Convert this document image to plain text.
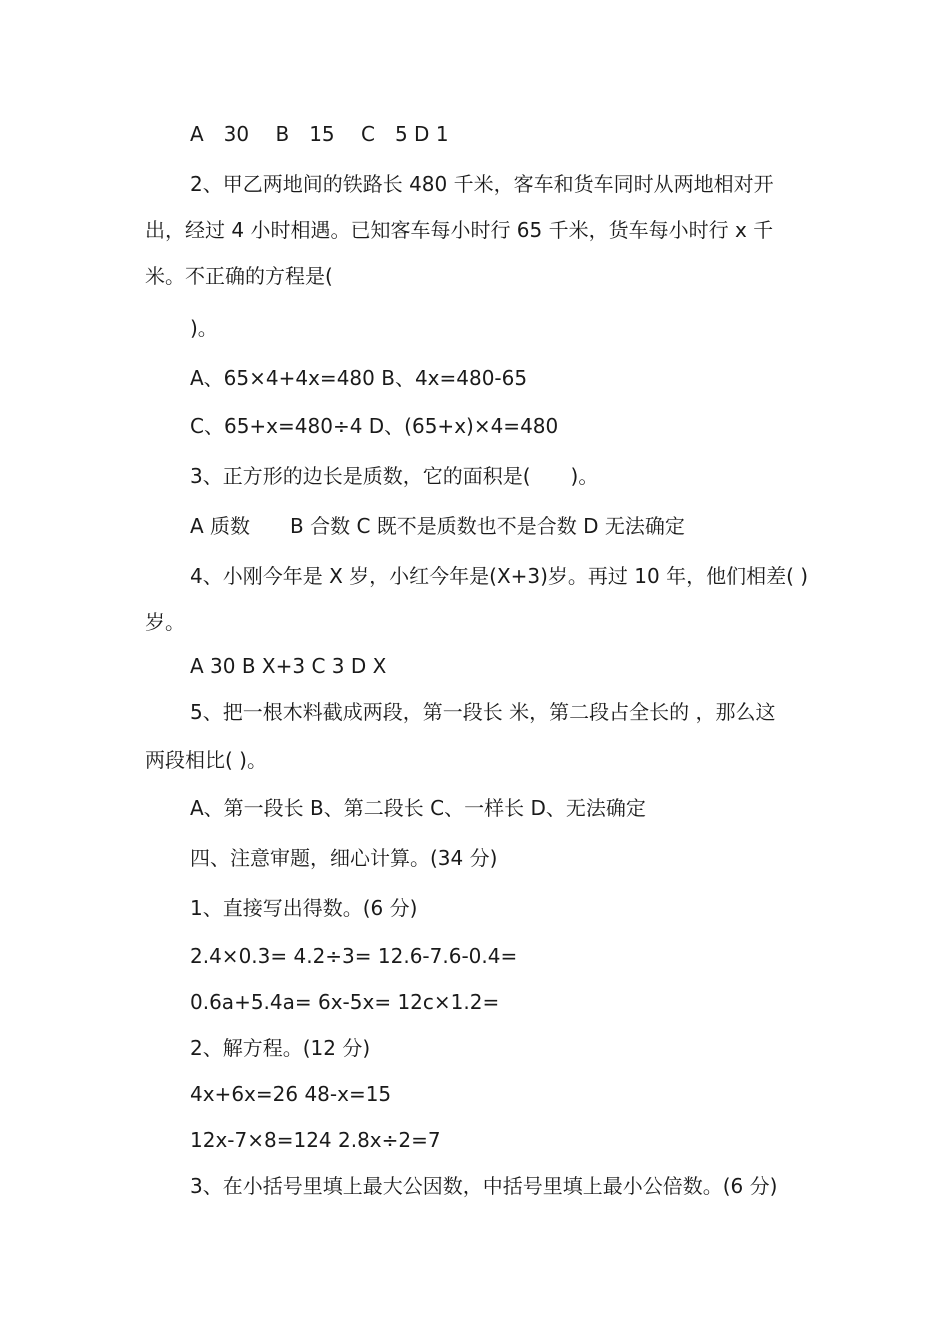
A　30　 B　15　 C　5 D 1
2、甲乙两地间的铁路长 480 千米，客车和货车同时从两地相对开
出，经过 4 小时相遇。已知客车每小时行 65 千米，货车每小时行 x 千
米。不正确的方程是(
)。
A、65×4+4x=480 B、4x=480-65
C、65+x=480÷4 D、(65+x)×4=480
3、正方形的边长是质数，它的面积是(　　)。
A 质数　　B 合数 C 既不是质数也不是合数 D 无法确定
4、小刚今年是 X 岁，小红今年是(X+3)岁。再过 10 年，他们相差( )
岁。
A 30 B X+3 C 3 D X
5、把一根木料截成两段，第一段长 米，第二段占全长的 ，那么这
两段相比( )。
A、第一段长 B、第二段长 C、一样长 D、无法确定
四、注意审题，细心计算。(34 分)
1、直接写出得数。(6 分)
2.4×0.3= 4.2÷3= 12.6-7.6-0.4=
0.6a+5.4a= 6x-5x= 12c×1.2=
2、解方程。(12 分)
4x+6x=26 48-x=15
12x-7×8=124 2.8x÷2=7
3、在小括号里填上最大公因数，中括号里填上最小公倍数。(6 分)
